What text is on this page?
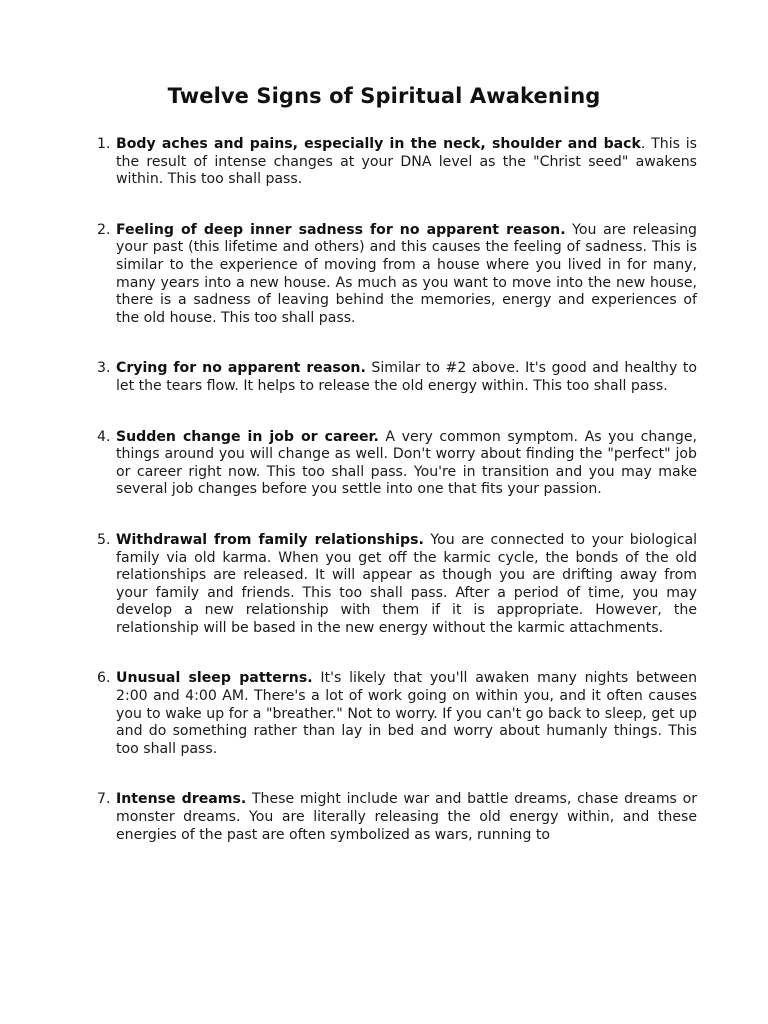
Twelve Signs of Spiritual Awakening
1. Body aches and pains, especially in the neck, shoulder and back. This is the result of intense changes at your DNA level as the "Christ seed" awakens within. This too shall pass.
2. Feeling of deep inner sadness for no apparent reason. You are releasing your past (this lifetime and others) and this causes the feeling of sadness. This is similar to the experience of moving from a house where you lived in for many, many years into a new house. As much as you want to move into the new house, there is a sadness of leaving behind the memories, energy and experiences of the old house. This too shall pass.
3. Crying for no apparent reason. Similar to #2 above. It's good and healthy to let the tears flow. It helps to release the old energy within. This too shall pass.
4. Sudden change in job or career. A very common symptom. As you change, things around you will change as well. Don't worry about finding the "perfect" job or career right now. This too shall pass. You're in transition and you may make several job changes before you settle into one that fits your passion.
5. Withdrawal from family relationships. You are connected to your biological family via old karma. When you get off the karmic cycle, the bonds of the old relationships are released. It will appear as though you are drifting away from your family and friends. This too shall pass. After a period of time, you may develop a new relationship with them if it is appropriate. However, the relationship will be based in the new energy without the karmic attachments.
6. Unusual sleep patterns. It's likely that you'll awaken many nights between 2:00 and 4:00 AM. There's a lot of work going on within you, and it often causes you to wake up for a "breather." Not to worry. If you can't go back to sleep, get up and do something rather than lay in bed and worry about humanly things. This too shall pass.
7. Intense dreams. These might include war and battle dreams, chase dreams or monster dreams. You are literally releasing the old energy within, and these energies of the past are often symbolized as wars, running to
